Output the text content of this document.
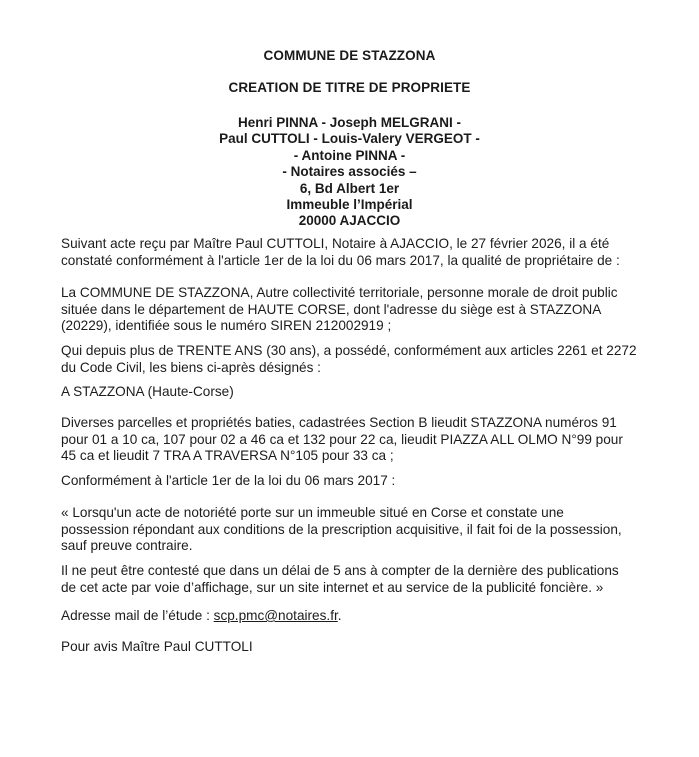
COMMUNE DE STAZZONA
CREATION DE TITRE DE PROPRIETE
Henri PINNA - Joseph MELGRANI -
Paul CUTTOLI - Louis-Valery VERGEOT -
- Antoine PINNA -
- Notaires associés –
6, Bd Albert 1er
Immeuble l’Impérial
20000 AJACCIO
Suivant acte reçu par Maître Paul CUTTOLI, Notaire à AJACCIO, le 27 février 2026, il a été
constaté conformément à l'article 1er de la loi du 06 mars 2017, la qualité de propriétaire de :
La COMMUNE DE STAZZONA, Autre collectivité territoriale, personne morale de droit public
située dans le département de HAUTE CORSE, dont l'adresse du siège est à STAZZONA
(20229), identifiée sous le numéro SIREN 212002919 ;
Qui depuis plus de TRENTE ANS (30 ans), a possédé, conformément aux articles 2261 et 2272
du Code Civil, les biens ci-après désignés :
A STAZZONA (Haute-Corse)
Diverses parcelles et propriétés baties, cadastrées Section B lieudit STAZZONA numéros 91
pour 01 a 10 ca, 107 pour 02 a 46 ca et 132 pour 22 ca, lieudit PIAZZA ALL OLMO N°99 pour
45 ca et lieudit 7 TRA A TRAVERSA N°105 pour 33 ca ;
Conformément à l'article 1er de la loi du 06 mars 2017 :
« Lorsqu'un acte de notoriété porte sur un immeuble situé en Corse et constate une
possession répondant aux conditions de la prescription acquisitive, il fait foi de la possession,
sauf preuve contraire.
Il ne peut être contesté que dans un délai de 5 ans à compter de la dernière des publications
de cet acte par voie d’affichage, sur un site internet et au service de la publicité foncière. »
Adresse mail de l’étude : scp.pmc@notaires.fr.
Pour avis Maître Paul CUTTOLI
